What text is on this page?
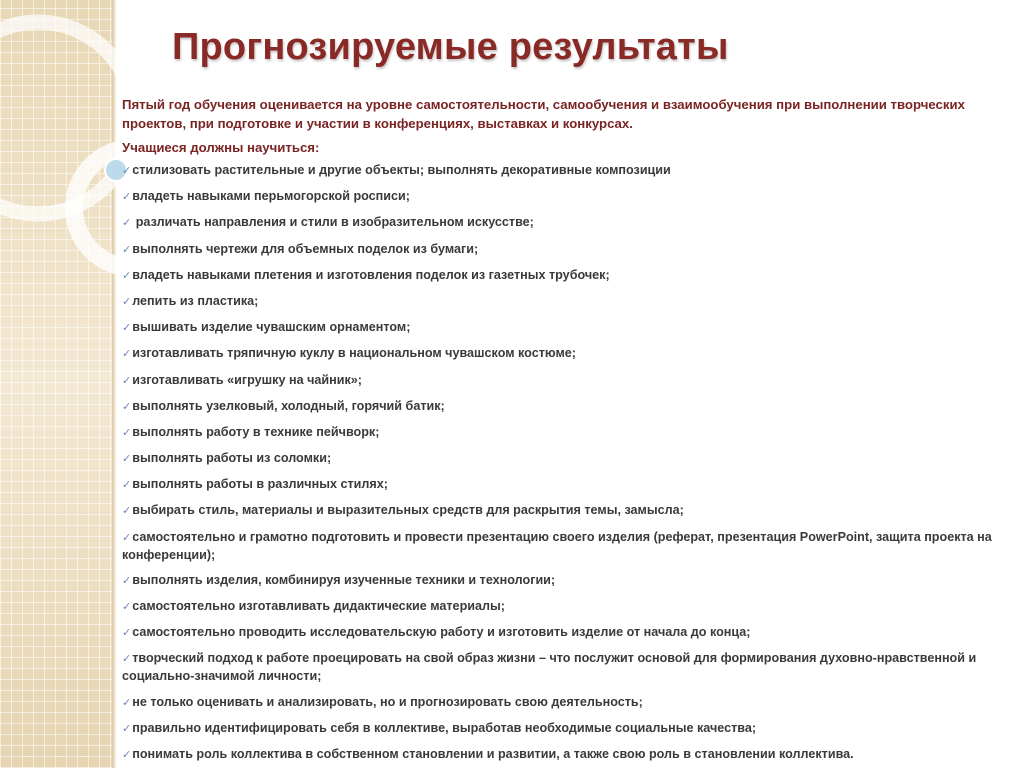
Прогнозируемые результаты

Пятый год обучения оценивается на уровне самостоятельности, самообучения и взаимообучения при выполнении творческих проектов, при подготовке и участии в конференциях, выставках и конкурсах.

Учащиеся должны научиться:

✓стилизовать растительные и другие объекты; выполнять декоративные композиции
✓владеть навыками перьмогорской росписи;
✓ различать направления и стили в изобразительном искусстве;
✓выполнять чертежи для объемных поделок из бумаги;
✓владеть навыками плетения и изготовления поделок из газетных трубочек;
✓лепить из пластика;
✓вышивать изделие чувашским орнаментом;
✓изготавливать тряпичную куклу в национальном чувашском костюме;
✓изготавливать «игрушку на чайник»;
✓выполнять узелковый, холодный, горячий батик;
✓выполнять работу в технике пейчворк;
✓выполнять работы из соломки;
✓выполнять работы в различных стилях;
✓выбирать стиль, материалы и выразительных средств для раскрытия темы, замысла;
✓самостоятельно и грамотно подготовить и провести презентацию своего изделия (реферат, презентация PowerPoint, защита проекта на конференции);
✓выполнять изделия, комбинируя изученные техники и технологии;
✓самостоятельно изготавливать дидактические материалы;
✓самостоятельно проводить исследовательскую работу и изготовить изделие от начала до конца;
✓творческий подход к работе проецировать на свой образ жизни – что послужит основой для формирования духовно-нравственной и социально-значимой личности;
✓не только оценивать и анализировать, но и прогнозировать свою деятельность;
✓правильно идентифицировать себя в коллективе, выработав необходимые социальные качества;
✓понимать роль коллектива в собственном становлении и развитии, а также свою роль в становлении коллектива.
